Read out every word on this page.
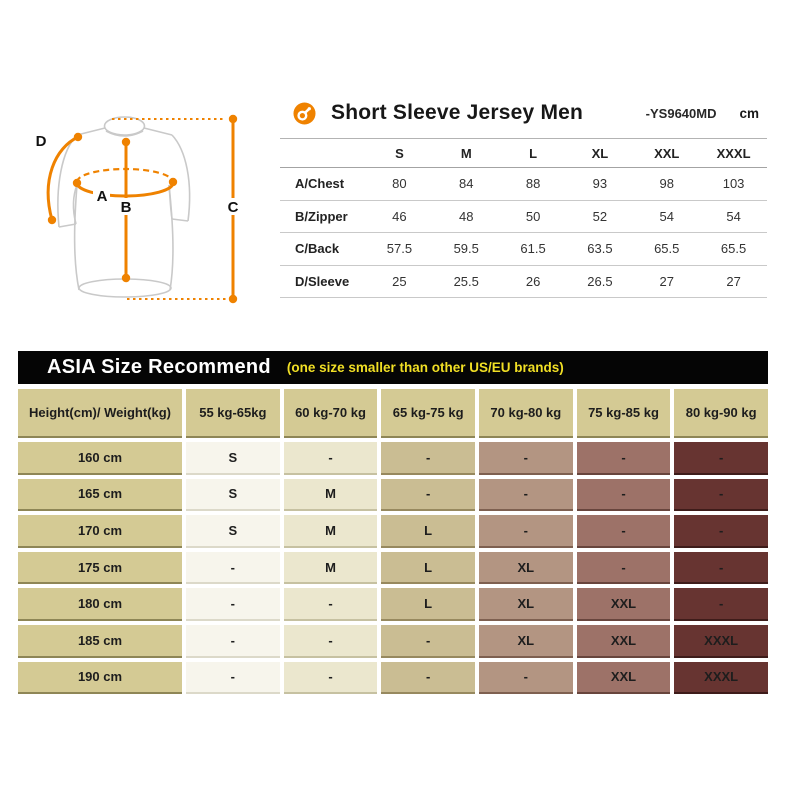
A
B	C
D
Short Sleeve Jersey Men	-YS9640MD cm
S	M	L	XL	XXL	XXXL
A/Chest	80	84	88	93	98	103
B/Zipper	46	48	50	52	54	54
C/Back	57.5	59.5	61.5	63.5	65.5	65.5
D/Sleeve	25	25.5	26	26.5	27	27
ASIA Size Recommend (one size smaller than other US/EU brands)
Height(cm)/ Weight(kg)	55 kg-65kg	60 kg-70 kg	65 kg-75 kg	70 kg-80 kg	75 kg-85 kg	80 kg-90 kg
160 cm	S	-	-	-	-	-
165 cm	S	M	-	-	-	-
170 cm	S	M	L	-	-	-
175 cm	-	M	L	XL	-	-
180 cm	-	-	L	XL	XXL	-
185 cm	-	-	-	XL	XXL	XXXL
190 cm	-	-	-	-	XXL	XXXL
